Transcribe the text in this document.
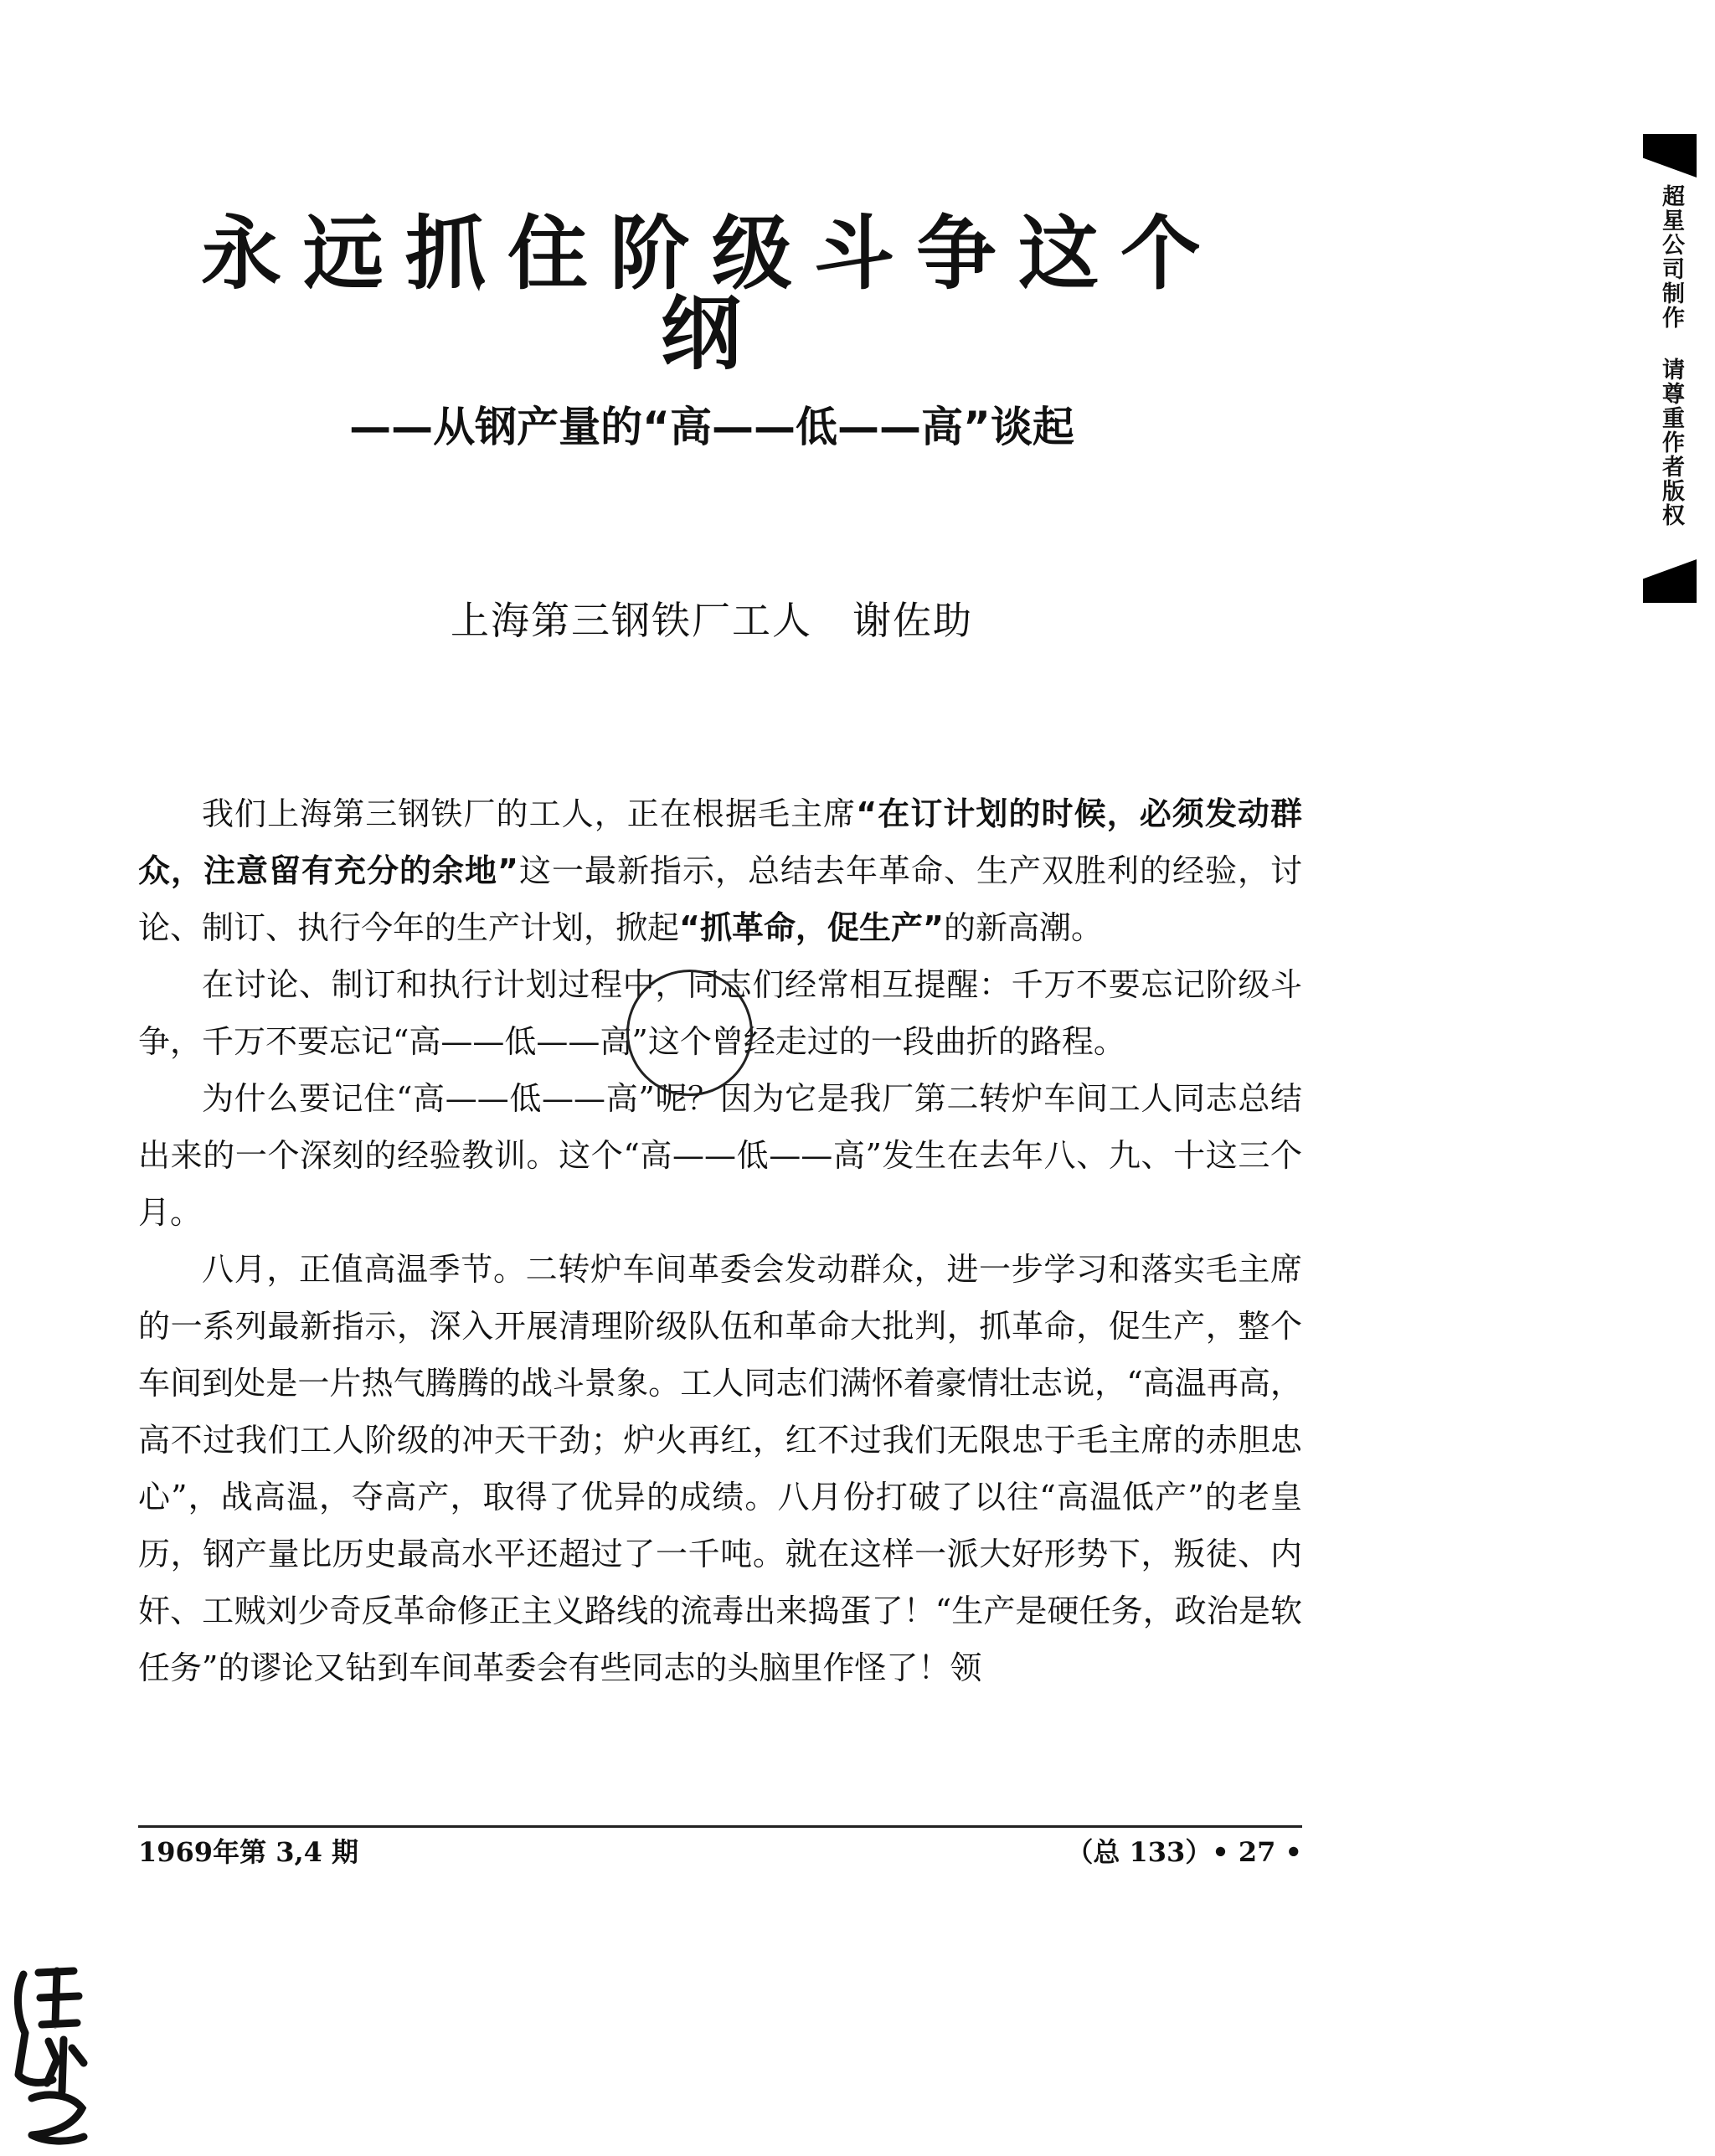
永远抓住阶级斗争这个纲
——从钢产量的“高——低——高”谈起
上海第三钢铁厂工人 谢佐助

我们上海第三钢铁厂的工人，正在根据毛主席“在订计划的时候，必须发动群众，注意留有充分的余地”这一最新指示，总结去年革命、生产双胜利的经验，讨论、制订、执行今年的生产计划，掀起“抓革命，促生产”的新高潮。

在讨论、制订和执行计划过程中，同志们经常相互提醒：千万不要忘记阶级斗争，千万不要忘记“高——低——高”这个曾经走过的一段曲折的路程。

为什么要记住“高——低——高”呢？因为它是我厂第二转炉车间工人同志总结出来的一个深刻的经验教训。这个“高——低——高”发生在去年八、九、十这三个月。

八月，正值高温季节。二转炉车间革委会发动群众，进一步学习和落实毛主席的一系列最新指示，深入开展清理阶级队伍和革命大批判，抓革命，促生产，整个车间到处是一片热气腾腾的战斗景象。工人同志们满怀着豪情壮志说，“高温再高，高不过我们工人阶级的冲天干劲；炉火再红，红不过我们无限忠于毛主席的赤胆忠心”，战高温，夺高产，取得了优异的成绩。八月份打破了以往“高温低产”的老皇历，钢产量比历史最高水平还超过了一千吨。就在这样一派大好形势下，叛徒、内奸、工贼刘少奇反革命修正主义路线的流毒出来捣蛋了！“生产是硬任务，政治是软任务”的谬论又钻到车间革委会有些同志的头脑里作怪了！领

1969年第 3,4 期	（总 133）• 27 •
超星公司制作 请尊重作者版权
